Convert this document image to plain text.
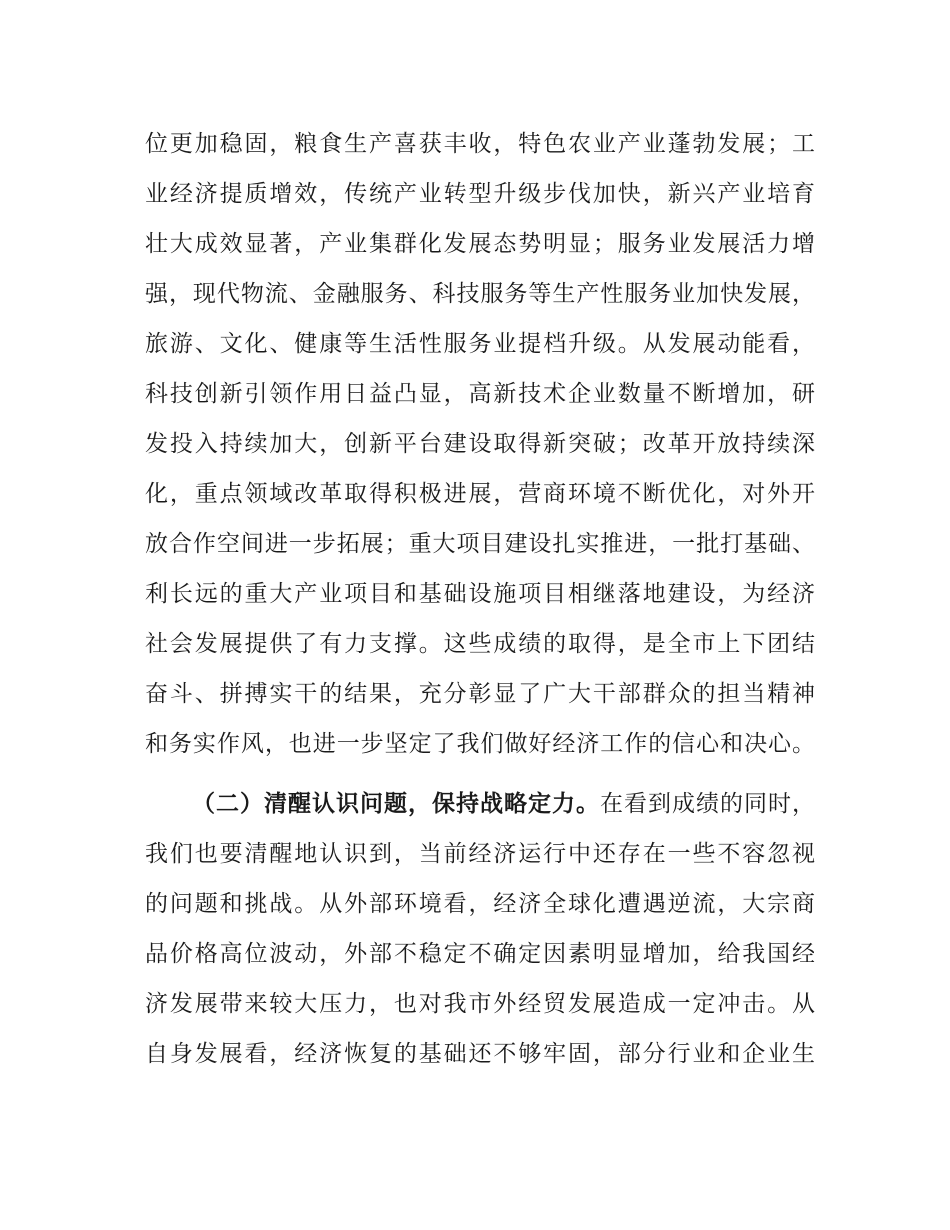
位更加稳固，粮食生产喜获丰收，特色农业产业蓬勃发展；工
业经济提质增效，传统产业转型升级步伐加快，新兴产业培育
壮大成效显著，产业集群化发展态势明显；服务业发展活力增
强，现代物流、金融服务、科技服务等生产性服务业加快发展，
旅游、文化、健康等生活性服务业提档升级。从发展动能看，
科技创新引领作用日益凸显，高新技术企业数量不断增加，研
发投入持续加大，创新平台建设取得新突破；改革开放持续深
化，重点领域改革取得积极进展，营商环境不断优化，对外开
放合作空间进一步拓展；重大项目建设扎实推进，一批打基础、
利长远的重大产业项目和基础设施项目相继落地建设，为经济
社会发展提供了有力支撑。这些成绩的取得，是全市上下团结
奋斗、拼搏实干的结果，充分彰显了广大干部群众的担当精神
和务实作风，也进一步坚定了我们做好经济工作的信心和决心。
（二）清醒认识问题，保持战略定力。在看到成绩的同时，
我们也要清醒地认识到，当前经济运行中还存在一些不容忽视
的问题和挑战。从外部环境看，经济全球化遭遇逆流，大宗商
品价格高位波动，外部不稳定不确定因素明显增加，给我国经
济发展带来较大压力，也对我市外经贸发展造成一定冲击。从
自身发展看，经济恢复的基础还不够牢固，部分行业和企业生
